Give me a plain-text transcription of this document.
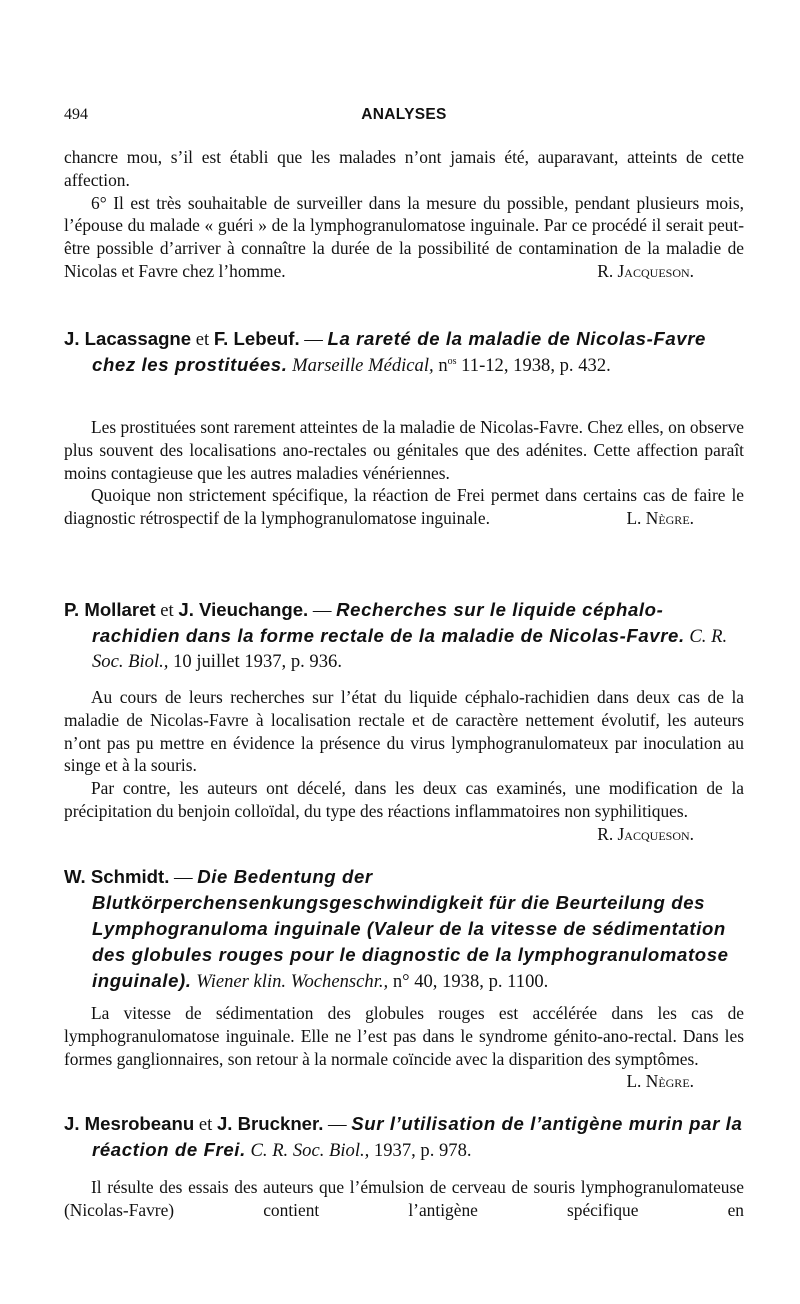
494	ANALYSES

chancre mou, s’il est établi que les malades n’ont jamais été, auparavant, atteints de cette affection.

6° Il est très souhaitable de surveiller dans la mesure du possible, pendant plusieurs mois, l’épouse du malade « guéri » de la lymphogranulomatose inguinale. Par ce procédé il serait peut-être possible d’arriver à connaître la durée de la possibilité de contamination de la maladie de Nicolas et Favre chez l’homme.	R. Jacqueson.

J. Lacassagne et F. Lebeuf. — La rareté de la maladie de Nicolas-Favre chez les prostituées. Marseille Médical, $n^{os}$ 11-12, 1938, p. 432.

Les prostituées sont rarement atteintes de la maladie de Nicolas-Favre. Chez elles, on observe plus souvent des localisations ano-rectales ou génitales que des adénites. Cette affection paraît moins contagieuse que les autres maladies vénériennes.

Quoique non strictement spécifique, la réaction de Frei permet dans certains cas de faire le diagnostic rétrospectif de la lymphogranulomatose inguinale.	L. Nègre.

P. Mollaret et J. Vieuchange. — Recherches sur le liquide céphalo-rachidien dans la forme rectale de la maladie de Nicolas-Favre. C. R. Soc. Biol., 10 juillet 1937, p. 936.

Au cours de leurs recherches sur l’état du liquide céphalo-rachidien dans deux cas de la maladie de Nicolas-Favre à localisation rectale et de caractère nettement évolutif, les auteurs n’ont pas pu mettre en évidence la présence du virus lymphogranulomateux par inoculation au singe et à la souris.

Par contre, les auteurs ont décelé, dans les deux cas examinés, une modification de la précipitation du benjoin colloïdal, du type des réactions inflammatoires non syphilitiques.
R. Jacqueson.

W. Schmidt. — Die Bedentung der Blutkörperchensenkungsgeschwindigkeit für die Beurteilung des Lymphogranuloma inguinale (Valeur de la vitesse de sédimentation des globules rouges pour le diagnostic de la lymphogranulomatose inguinale). Wiener klin. Wochenschr., n° 40, 1938, p. 1100.

La vitesse de sédimentation des globules rouges est accélérée dans les cas de lymphogranulomatose inguinale. Elle ne l’est pas dans le syndrome génito-ano-rectal. Dans les formes ganglionnaires, son retour à la normale coïncide avec la disparition des symptômes.
L. Nègre.

J. Mesrobeanu et J. Bruckner. — Sur l’utilisation de l’antigène murin par la réaction de Frei. C. R. Soc. Biol., 1937, p. 978.

Il résulte des essais des auteurs que l’émulsion de cerveau de souris lymphogranulomateuse (Nicolas-Favre) contient l’antigène spécifique en
